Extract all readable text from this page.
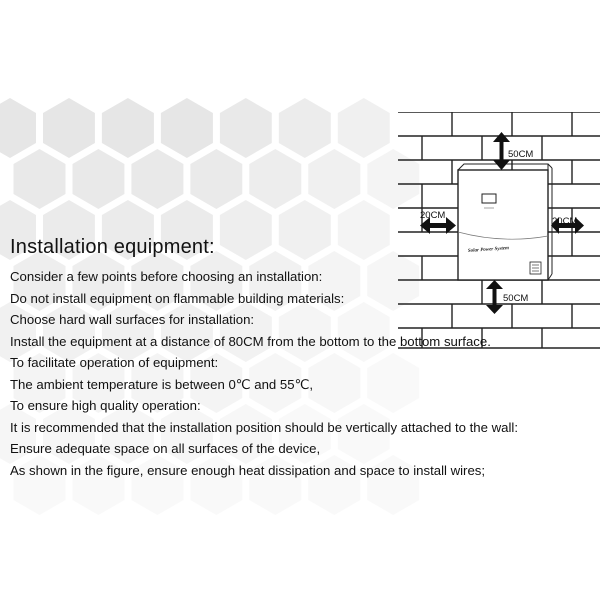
Solar Power System
50CM
20CM
20CM
50CM
Installation equipment:
Consider a few points before choosing an installation:
Do not install equipment on flammable building materials:
Choose hard wall surfaces for installation:
Install the equipment at a distance of 80CM from the bottom to the bottom surface.
To facilitate operation of equipment:
The ambient temperature is between 0℃ and 55℃,
To ensure high quality operation:
It is recommended that the installation position should be vertically attached to the wall:
Ensure adequate space on all surfaces of the device,
As shown in the figure, ensure enough heat dissipation and space to install wires;
